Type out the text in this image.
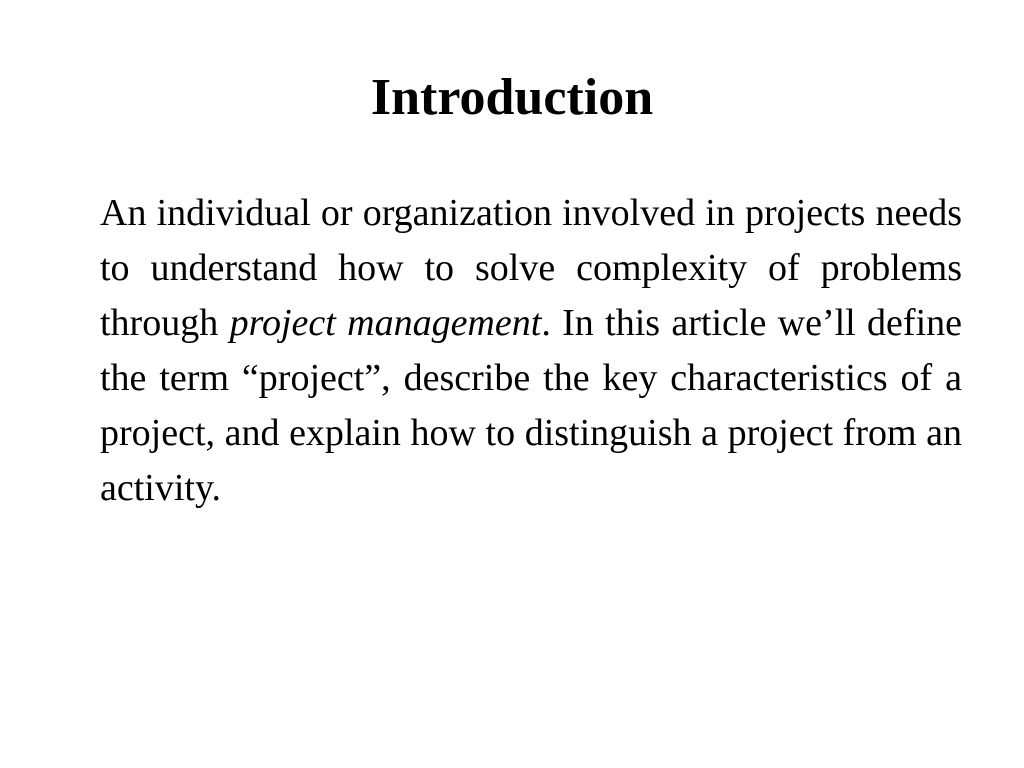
Introduction

An individual or organization involved in projects needs to understand how to solve complexity of problems through project management. In this article we’ll define the term “project”, describe the key characteristics of a project, and explain how to distinguish a project from an activity.
